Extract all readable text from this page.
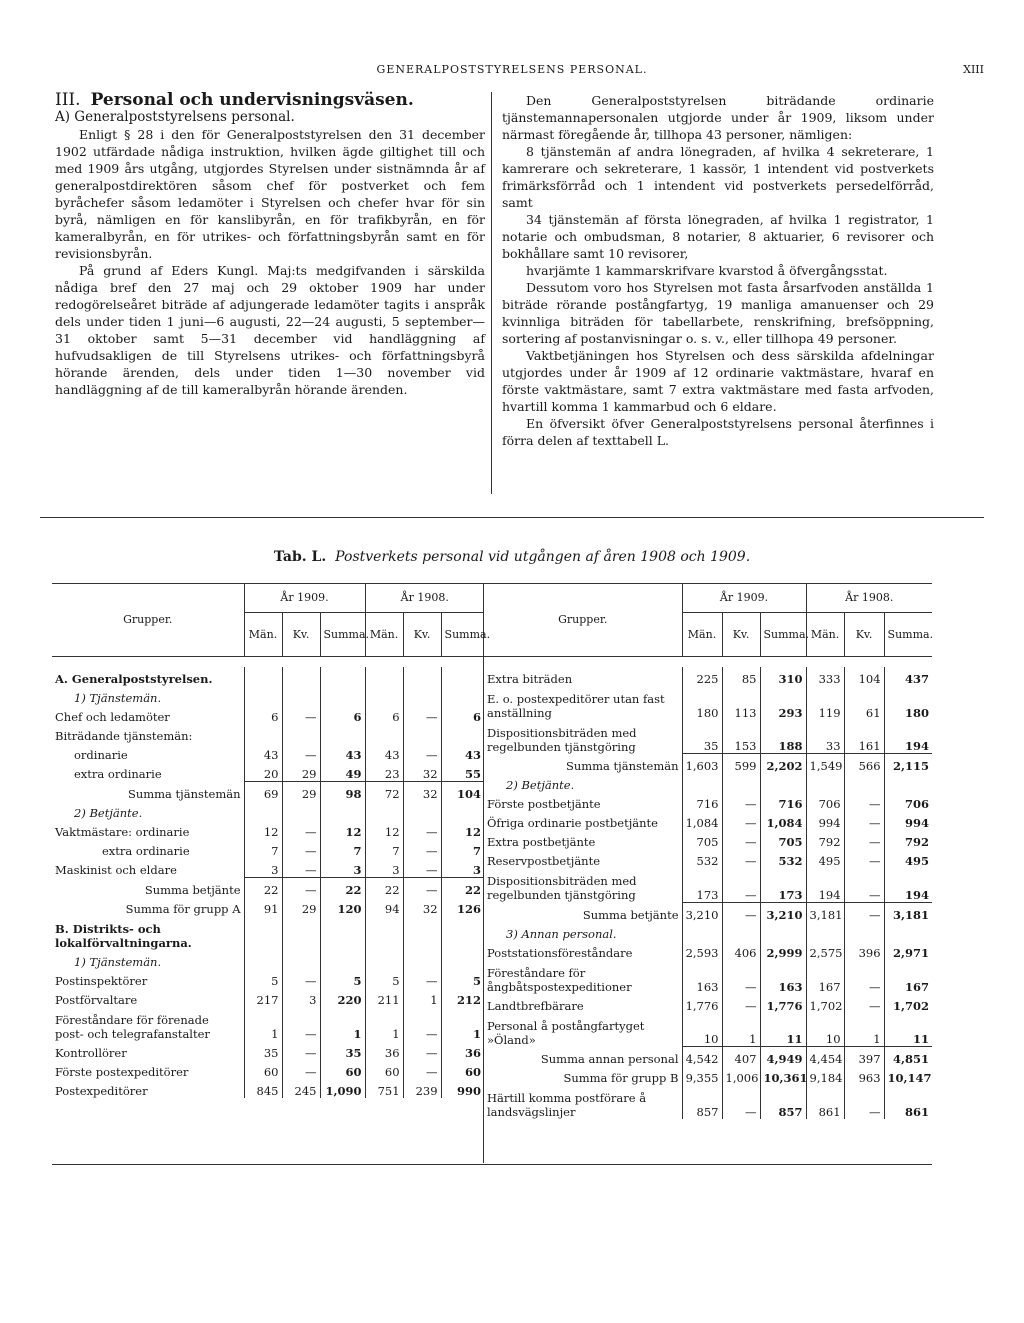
GENERALPOSTSTYRELSENS PERSONAL.	XIII

III. Personal och undervisningsväsen.

A) Generalpoststyrelsens personal.

Enligt § 28 i den för Generalpoststyrelsen den 31 december 1902 utfärdade nådiga instruktion, hvilken ägde giltighet till och med 1909 års utgång, utgjordes Styrelsen under sistnämnda år af generalpostdirektören såsom chef för postverket och fem byråchefer såsom ledamöter i Styrelsen och chefer hvar för sin byrå, nämligen en för kanslibyrån, en för trafikbyrån, en för kameralbyrån, en för utrikes- och författningsbyrån samt en för revisionsbyrån.

På grund af Eders Kungl. Maj:ts medgifvanden i särskilda nådiga bref den 27 maj och 29 oktober 1909 har under redogörelseåret biträde af adjungerade ledamöter tagits i anspråk dels under tiden 1 juni—6 augusti, 22—24 augusti, 5 september—31 oktober samt 5—31 december vid handläggning af hufvudsakligen de till Styrelsens utrikes- och författningsbyrå hörande ärenden, dels under tiden 1—30 november vid handläggning af de till kameralbyrån hörande ärenden.

Den Generalpoststyrelsen biträdande ordinarie tjänstemannapersonalen utgjorde under år 1909, liksom under närmast föregående år, tillhopa 43 personer, nämligen:

8 tjänstemän af andra lönegraden, af hvilka 4 sekreterare, 1 kamrerare och sekreterare, 1 kassör, 1 intendent vid postverkets frimärksförråd och 1 intendent vid postverkets persedelförråd, samt

34 tjänstemän af första lönegraden, af hvilka 1 registrator, 1 notarie och ombudsman, 8 notarier, 8 aktuarier, 6 revisorer och bokhållare samt 10 revisorer,

hvarjämte 1 kammarskrifvare kvarstod å öfvergångsstat.

Dessutom voro hos Styrelsen mot fasta årsarfvoden anställda 1 biträde rörande postångfartyg, 19 manliga amanuenser och 29 kvinnliga biträden för tabellarbete, renskrifning, brefsöppning, sortering af postanvisningar o. s. v., eller tillhopa 49 personer.

Vaktbetjäningen hos Styrelsen och dess särskilda afdelningar utgjordes under år 1909 af 12 ordinarie vaktmästare, hvaraf en förste vaktmästare, samt 7 extra vaktmästare med fasta arfvoden, hvartill komma 1 kammarbud och 6 eldare.

En öfversikt öfver Generalpoststyrelsens personal återfinnes i förra delen af texttabell L.

Tab. L. Postverkets personal vid utgången af åren 1908 och 1909.
Grupper.	År 1909.			År 1908.		
	Män.	Kv.	Summa.	Män.	Kv.	Summa.

A. Generalpoststyrelsen.						
1) Tjänstemän.						
Chef och ledamöter	6	—	6	6	—	6
Biträdande tjänstemän:						
ordinarie	43	—	43	43	—	43
extra ordinarie	20	29	49	23	32	55
Summa tjänstemän	69	29	98	72	32	104
2) Betjänte.						
Vaktmästare: ordinarie	12	—	12	12	—	12
extra ordinarie	7	—	7	7	—	7
Maskinist och eldare	3	—	3	3	—	3
Summa betjänte	22	—	22	22	—	22
Summa för grupp A	91	29	120	94	32	126
B. Distrikts- och lokalförvaltningarna.						
1) Tjänstemän.						
Postinspektörer	5	—	5	5	—	5
Postförvaltare	217	3	220	211	1	212
Föreståndare för förenade post- och telegrafanstalter	1	—	1	1	—	1
Kontrollörer	35	—	35	36	—	36
Förste postexpeditörer	60	—	60	60	—	60
Postexpeditörer	845	245	1,090	751	239	990
Grupper.	År 1909.			År 1908.		
	Män.	Kv.	Summa.	Män.	Kv.	Summa.

Extra biträden	225	85	310	333	104	437
E. o. postexpeditörer utan fast anställning	180	113	293	119	61	180
Dispositionsbiträden med regelbunden tjänstgöring	35	153	188	33	161	194
Summa tjänstemän	1,603	599	2,202	1,549	566	2,115
2) Betjänte.						
Förste postbetjänte	716	—	716	706	—	706
Öfriga ordinarie postbetjänte	1,084	—	1,084	994	—	994
Extra postbetjänte	705	—	705	792	—	792
Reservpostbetjänte	532	—	532	495	—	495
Dispositionsbiträden med regelbunden tjänstgöring	173	—	173	194	—	194
Summa betjänte	3,210	—	3,210	3,181	—	3,181
3) Annan personal.						
Poststationsföreståndare	2,593	406	2,999	2,575	396	2,971
Föreståndare för ångbåtspostexpeditioner	163	—	163	167	—	167
Landtbrefbärare	1,776	—	1,776	1,702	—	1,702
Personal å postångfartyget »Öland»	10	1	11	10	1	11
Summa annan personal	4,542	407	4,949	4,454	397	4,851
Summa för grupp B	9,355	1,006	10,361	9,184	963	10,147
Härtill komma postförare å landsvägslinjer	857	—	857	861	—	861
